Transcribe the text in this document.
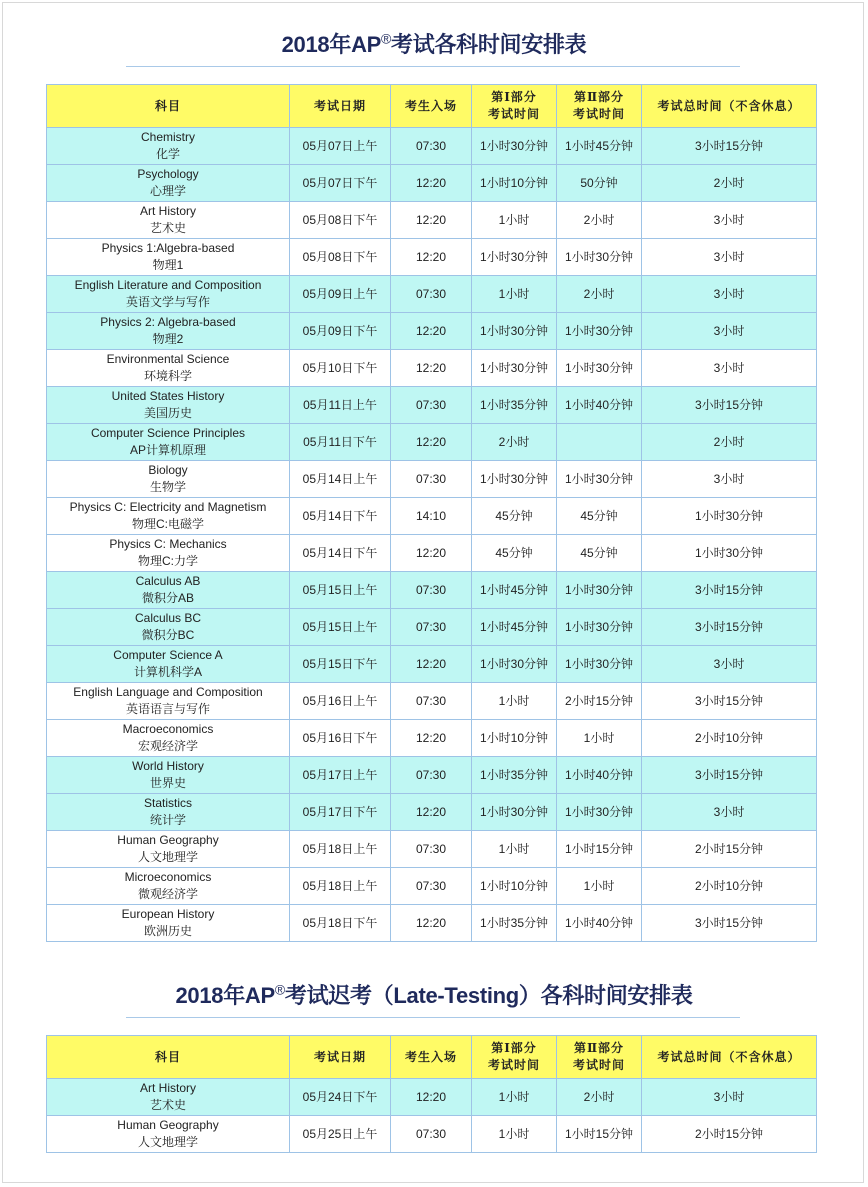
2018年AP®考试各科时间安排表
科目	考试日期	考生入场	第Ⅰ部分
考试时间	第Ⅱ部分
考试时间	考试总时间（不含休息）
Chemistry
化学	05月07日上午	07:30	1小时30分钟	1小时45分钟	3小时15分钟
Psychology
心理学	05月07日下午	12:20	1小时10分钟	50分钟	2小时
Art History
艺术史	05月08日下午	12:20	1小时	2小时	3小时
Physics 1:Algebra-based
物理1	05月08日下午	12:20	1小时30分钟	1小时30分钟	3小时
English Literature and Composition
英语文学与写作	05月09日上午	07:30	1小时	2小时	3小时
Physics 2: Algebra-based
物理2	05月09日下午	12:20	1小时30分钟	1小时30分钟	3小时
Environmental Science
环境科学	05月10日下午	12:20	1小时30分钟	1小时30分钟	3小时
United States History
美国历史	05月11日上午	07:30	1小时35分钟	1小时40分钟	3小时15分钟
Computer Science Principles
AP计算机原理	05月11日下午	12:20	2小时		2小时
Biology
生物学	05月14日上午	07:30	1小时30分钟	1小时30分钟	3小时
Physics C: Electricity and Magnetism
物理C:电磁学	05月14日下午	14:10	45分钟	45分钟	1小时30分钟
Physics C: Mechanics
物理C:力学	05月14日下午	12:20	45分钟	45分钟	1小时30分钟
Calculus AB
微积分AB	05月15日上午	07:30	1小时45分钟	1小时30分钟	3小时15分钟
Calculus BC
微积分BC	05月15日上午	07:30	1小时45分钟	1小时30分钟	3小时15分钟
Computer Science A
计算机科学A	05月15日下午	12:20	1小时30分钟	1小时30分钟	3小时
English Language and Composition
英语语言与写作	05月16日上午	07:30	1小时	2小时15分钟	3小时15分钟
Macroeconomics
宏观经济学	05月16日下午	12:20	1小时10分钟	1小时	2小时10分钟
World History
世界史	05月17日上午	07:30	1小时35分钟	1小时40分钟	3小时15分钟
Statistics
统计学	05月17日下午	12:20	1小时30分钟	1小时30分钟	3小时
Human Geography
人文地理学	05月18日上午	07:30	1小时	1小时15分钟	2小时15分钟
Microeconomics
微观经济学	05月18日上午	07:30	1小时10分钟	1小时	2小时10分钟
European History
欧洲历史	05月18日下午	12:20	1小时35分钟	1小时40分钟	3小时15分钟
2018年AP®考试迟考（Late-Testing）各科时间安排表
科目	考试日期	考生入场	第Ⅰ部分
考试时间	第Ⅱ部分
考试时间	考试总时间（不含休息）
Art History
艺术史	05月24日下午	12:20	1小时	2小时	3小时
Human Geography
人文地理学	05月25日上午	07:30	1小时	1小时15分钟	2小时15分钟
